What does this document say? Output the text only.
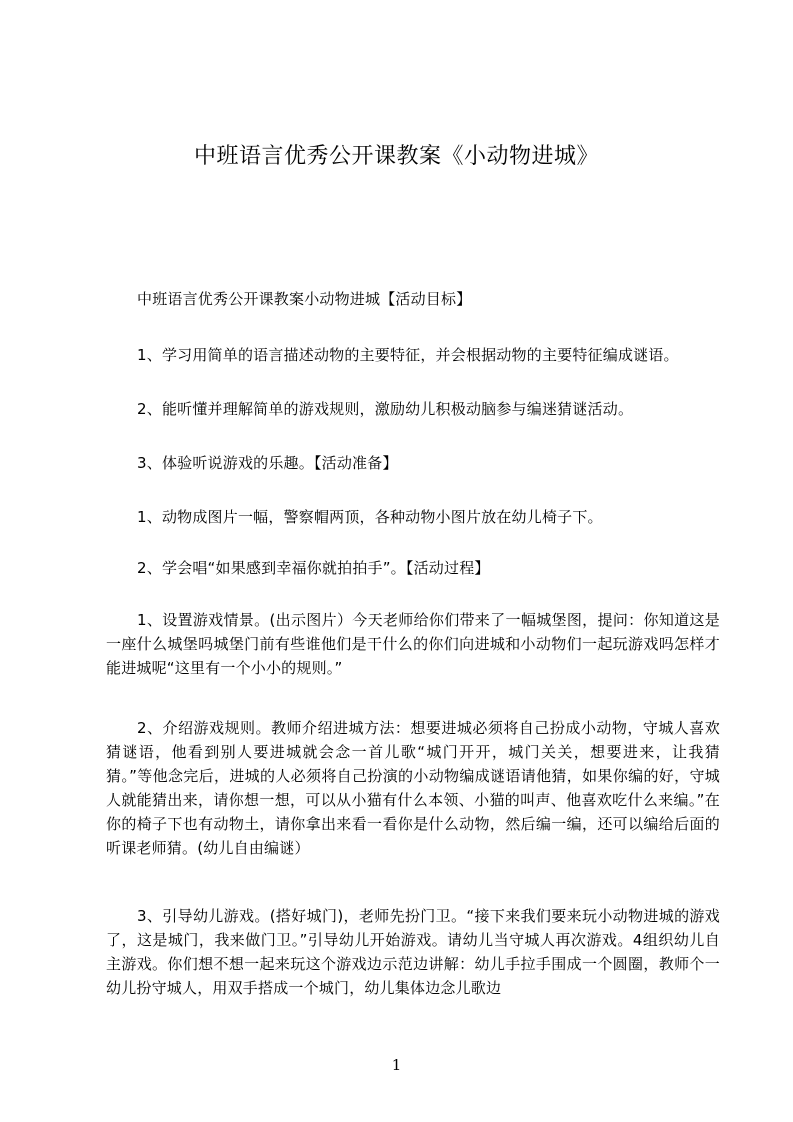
中班语言优秀公开课教案《小动物进城》
中班语言优秀公开课教案小动物进城【活动目标】
1、学习用简单的语言描述动物的主要特征，并会根据动物的主要特征编成谜语。
2、能听懂并理解简单的游戏规则，激励幼儿积极动脑参与编迷猜谜活动。
3、体验听说游戏的乐趣。【活动准备】
1、动物成图片一幅，警察帽两顶，各种动物小图片放在幼儿椅子下。
2、学会唱“如果感到幸福你就拍拍手”。【活动过程】
1、设置游戏情景。(出示图片）今天老师给你们带来了一幅城堡图，提问：你知道这是一座什么城堡吗城堡门前有些谁他们是干什么的你们向进城和小动物们一起玩游戏吗怎样才能进城呢“这里有一个小小的规则。”
2、介绍游戏规则。教师介绍进城方法：想要进城必须将自己扮成小动物，守城人喜欢猜谜语，他看到别人要进城就会念一首儿歌“城门开开，城门关关，想要进来，让我猜猜。”等他念完后，进城的人必须将自己扮演的小动物编成谜语请他猜，如果你编的好，守城人就能猜出来，请你想一想，可以从小猫有什么本领、小猫的叫声、他喜欢吃什么来编。”在你的椅子下也有动物土，请你拿出来看一看你是什么动物，然后编一编，还可以编给后面的听课老师猜。(幼儿自由编谜）
3、引导幼儿游戏。(搭好城门)，老师先扮门卫。“接下来我们要来玩小动物进城的游戏了，这是城门，我来做门卫。”引导幼儿开始游戏。请幼儿当守城人再次游戏。4组织幼儿自主游戏。你们想不想一起来玩这个游戏边示范边讲解：幼儿手拉手围成一个圆圈，教师个一幼儿扮守城人，用双手搭成一个城门，幼儿集体边念儿歌边
1
